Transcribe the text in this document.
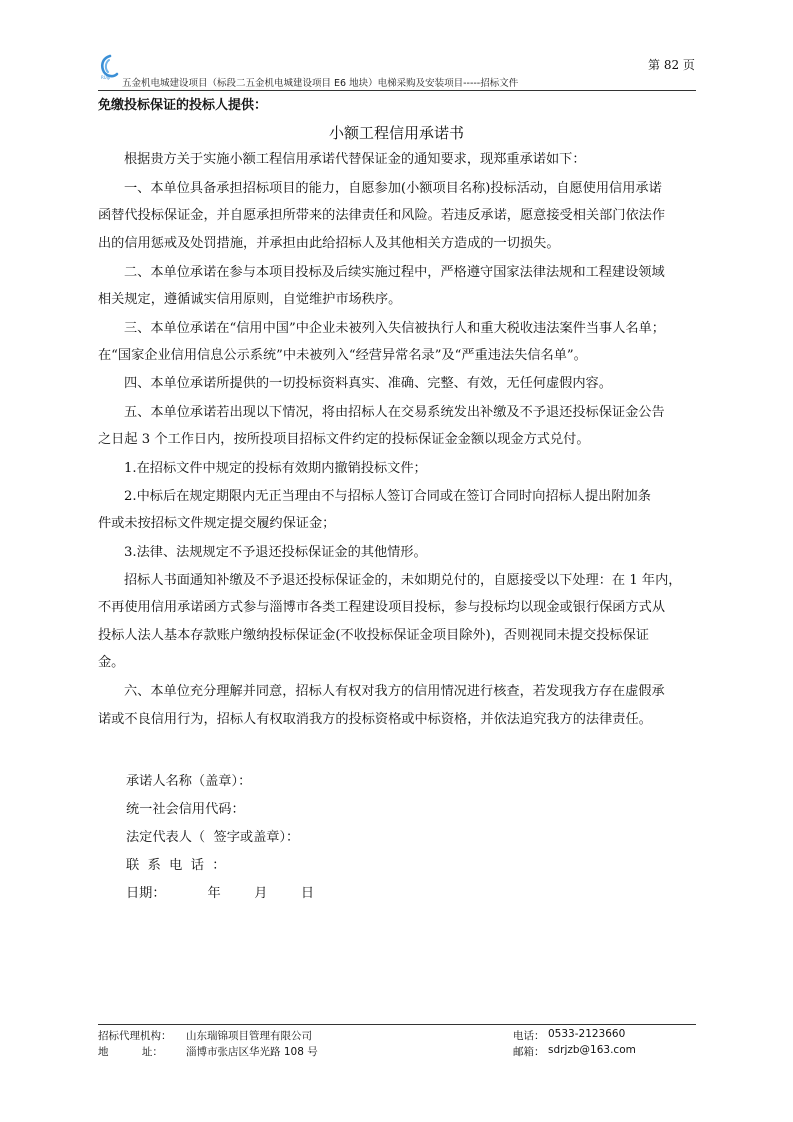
RUIJI
第 82 页
五金机电城建设项目（标段二五金机电城建设项目 E6 地块）电梯采购及安装项目-----招标文件
免缴投标保证的投标人提供：
小额工程信用承诺书
根据贵方关于实施小额工程信用承诺代替保证金的通知要求，现郑重承诺如下：
一、本单位具备承担招标项目的能力，自愿参加(小额项目名称)投标活动，自愿使用信用承诺
函替代投标保证金，并自愿承担所带来的法律责任和风险。若违反承诺，愿意接受相关部门依法作
出的信用惩戒及处罚措施，并承担由此给招标人及其他相关方造成的一切损失。
二、本单位承诺在参与本项目投标及后续实施过程中，严格遵守国家法律法规和工程建设领域
相关规定，遵循诚实信用原则，自觉维护市场秩序。
三、本单位承诺在“信用中国”中企业未被列入失信被执行人和重大税收违法案件当事人名单；
在“国家企业信用信息公示系统”中未被列入“经营异常名录”及“严重违法失信名单”。
四、本单位承诺所提供的一切投标资料真实、准确、完整、有效，无任何虚假内容。
五、本单位承诺若出现以下情况，将由招标人在交易系统发出补缴及不予退还投标保证金公告
之日起 3 个工作日内，按所投项目招标文件约定的投标保证金金额以现金方式兑付。
1.在招标文件中规定的投标有效期内撤销投标文件；
2.中标后在规定期限内无正当理由不与招标人签订合同或在签订合同时向招标人提出附加条
件或未按招标文件规定提交履约保证金；
3.法律、法规规定不予退还投标保证金的其他情形。
招标人书面通知补缴及不予退还投标保证金的，未如期兑付的，自愿接受以下处理：在 1 年内，
不再使用信用承诺函方式参与淄博市各类工程建设项目投标，参与投标均以现金或银行保函方式从
投标人法人基本存款账户缴纳投标保证金(不收投标保证金项目除外)，否则视同未提交投标保证
金。
六、本单位充分理解并同意，招标人有权对我方的信用情况进行核查，若发现我方存在虚假承
诺或不良信用行为，招标人有权取消我方的投标资格或中标资格，并依法追究我方的法律责任。
承诺人名称（盖章）：
统一社会信用代码：
法定代表人（  签字或盖章）：
联  系  电  话  ：
日期：          年        月        日
招标代理机构： 山东瑞锦项目管理有限公司
地          址： 淄博市张店区华光路 108 号
电话： 0533-2123660
邮箱： sdrjzb@163.com
